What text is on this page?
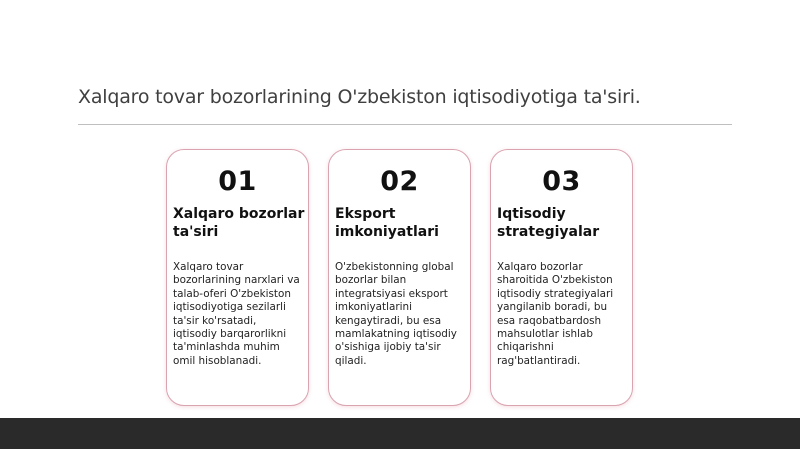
Xalqaro tovar bozorlarining O'zbekiston iqtisodiyotiga ta'siri.
01
Xalqaro bozorlar ta'siri
Xalqaro tovar bozorlarining narxlari va talab-oferi O'zbekiston iqtisodiyotiga sezilarli ta'sir ko'rsatadi, iqtisodiy barqarorlikni ta'minlashda muhim omil hisoblanadi.
02
Eksport imkoniyatlari
O'zbekistonning global bozorlar bilan integratsiyasi eksport imkoniyatlarini kengaytiradi, bu esa mamlakatning iqtisodiy o'sishiga ijobiy ta'sir qiladi.
03
Iqtisodiy strategiyalar
Xalqaro bozorlar sharoitida O'zbekiston iqtisodiy strategiyalari yangilanib boradi, bu esa raqobatbardosh mahsulotlar ishlab chiqarishni rag'batlantiradi.
